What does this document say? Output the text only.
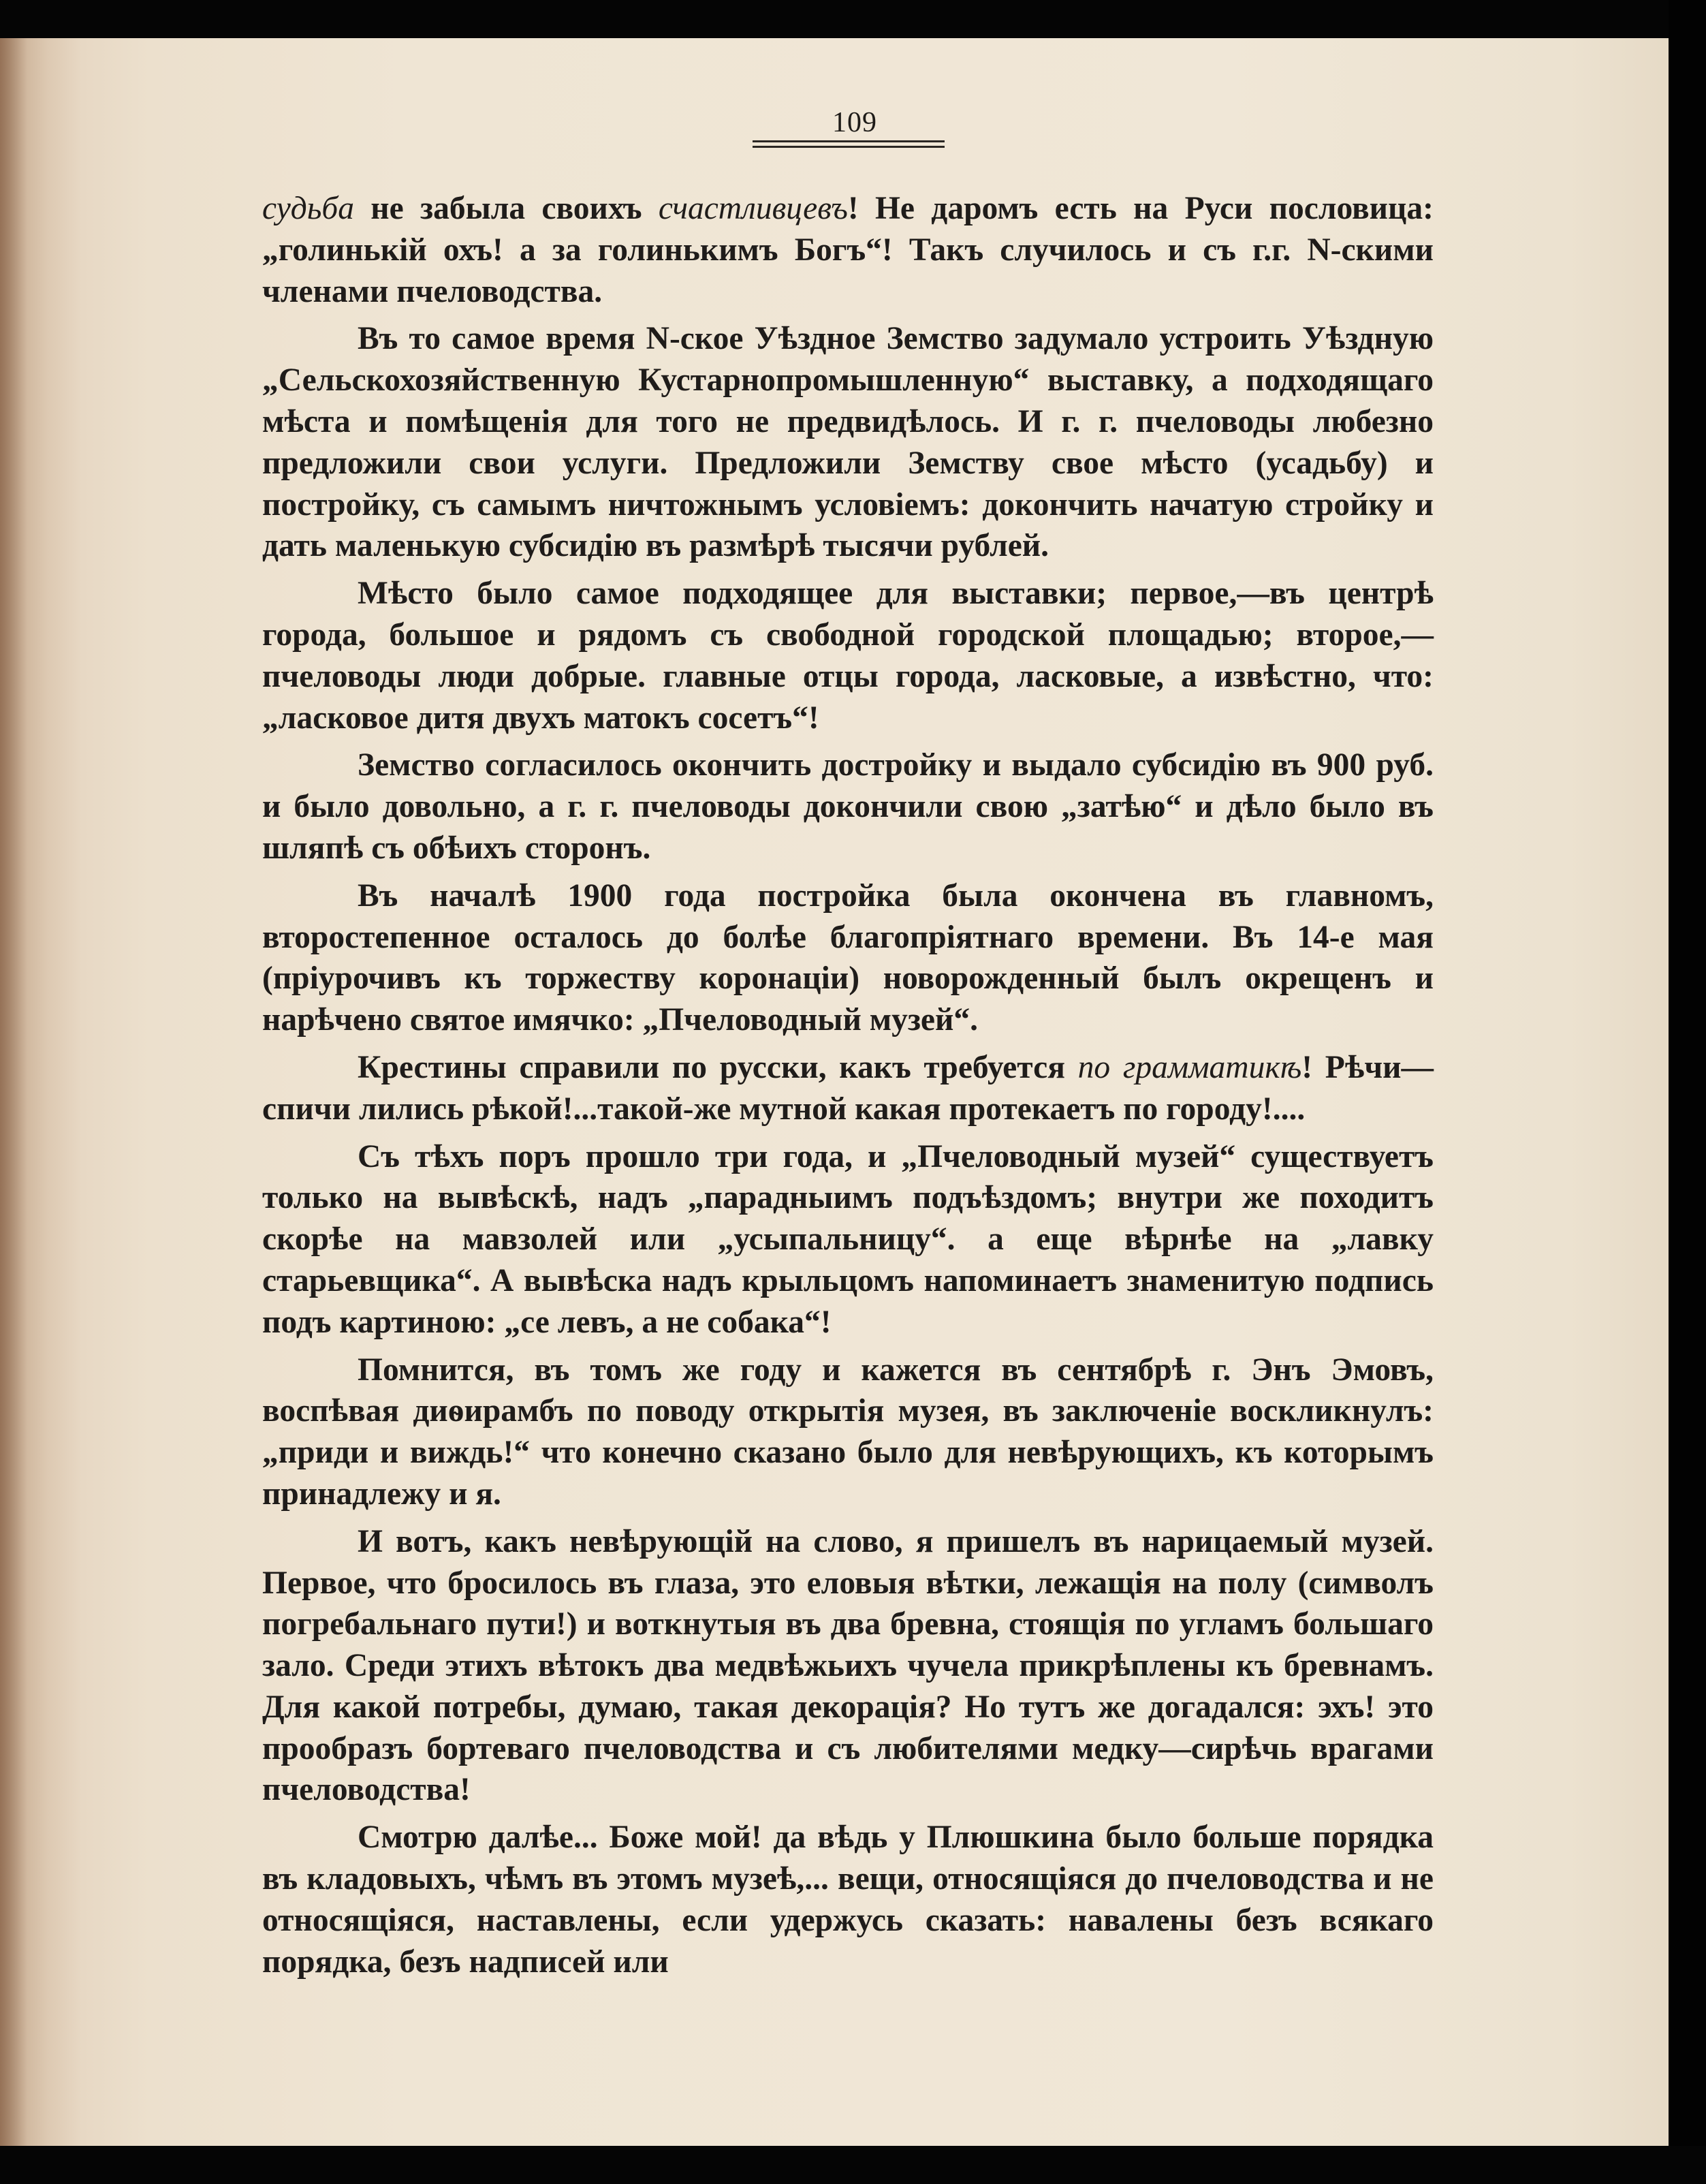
109

судьба не забыла своихъ счастливцевъ! Не даромъ есть на Руси пословица: „голинькій охъ! а за голинькимъ Богъ“! Такъ случилось и съ г.г. N-скими членами пчеловодства.

Въ то самое время N-ское Уѣздное Земство задумало устроить Уѣздную „Сельскохозяйственную Кустарнопромышленную“ выставку, а подходящаго мѣста и помѣщенія для того не предвидѣлось. И г. г. пчеловоды любезно предложили свои услуги. Предложили Земству свое мѣсто (усадьбу) и постройку, съ самымъ ничтожнымъ условіемъ: докончить начатую стройку и дать маленькую субсидію въ размѣрѣ тысячи рублей.

Мѣсто было самое подходящее для выставки; первое,—въ центрѣ города, большое и рядомъ съ свободной городской площадью; второе,—пчеловоды люди добрые. главные отцы города, ласковые, а извѣстно, что: „ласковое дитя двухъ матокъ сосетъ“!

Земство согласилось окончить достройку и выдало субсидію въ 900 руб. и было довольно, а г. г. пчеловоды докончили свою „затѣю“ и дѣло было въ шляпѣ съ обѣихъ сторонъ.

Въ началѣ 1900 года постройка была окончена въ главномъ, второстепенное осталось до болѣе благопріятнаго времени. Въ 14-е мая (пріурочивъ къ торжеству коронаціи) новорожденный былъ окрещенъ и нарѣчено святое имячко: „Пчеловодный музей“.

Крестины справили по русски, какъ требуется по грамматикѣ! Рѣчи—спичи лились рѣкой!...такой-же мутной какая протекаетъ по городу!....

Съ тѣхъ поръ прошло три года, и „Пчеловодный музей“ существуетъ только на вывѣскѣ, надъ „парадныимъ подъѣздомъ; внутри же походитъ скорѣе на мавзолей или „усыпальницу“. а еще вѣрнѣе на „лавку старьевщика“. А вывѣска надъ крыльцомъ напоминаетъ знаменитую подпись подъ картиною: „се левъ, а не собака“!

Помнится, въ томъ же году и кажется въ сентябрѣ г. Энъ Эмовъ, воспѣвая диѳирамбъ по поводу открытія музея, въ заключеніе воскликнулъ: „приди и виждь!“ что конечно сказано было для невѣрующихъ, къ которымъ принадлежу и я.

И вотъ, какъ невѣрующій на слово, я пришелъ въ нарицаемый музей. Первое, что бросилось въ глаза, это еловыя вѣтки, лежащія на полу (символъ погребальнаго пути!) и воткнутыя въ два бревна, стоящія по угламъ большаго зало. Среди этихъ вѣтокъ два медвѣжьихъ чучела прикрѣплены къ бревнамъ. Для какой потребы, думаю, такая декорація? Но тутъ же догадался: эхъ! это прообразъ бортеваго пчеловодства и съ любителями медку—сирѣчь врагами пчеловодства!

Смотрю далѣе... Боже мой! да вѣдь у Плюшкина было больше порядка въ кладовыхъ, чѣмъ въ этомъ музеѣ,... вещи, относящіяся до пчеловодства и не относящіяся, наставлены, если удержусь сказать: навалены безъ всякаго порядка, безъ надписей или
